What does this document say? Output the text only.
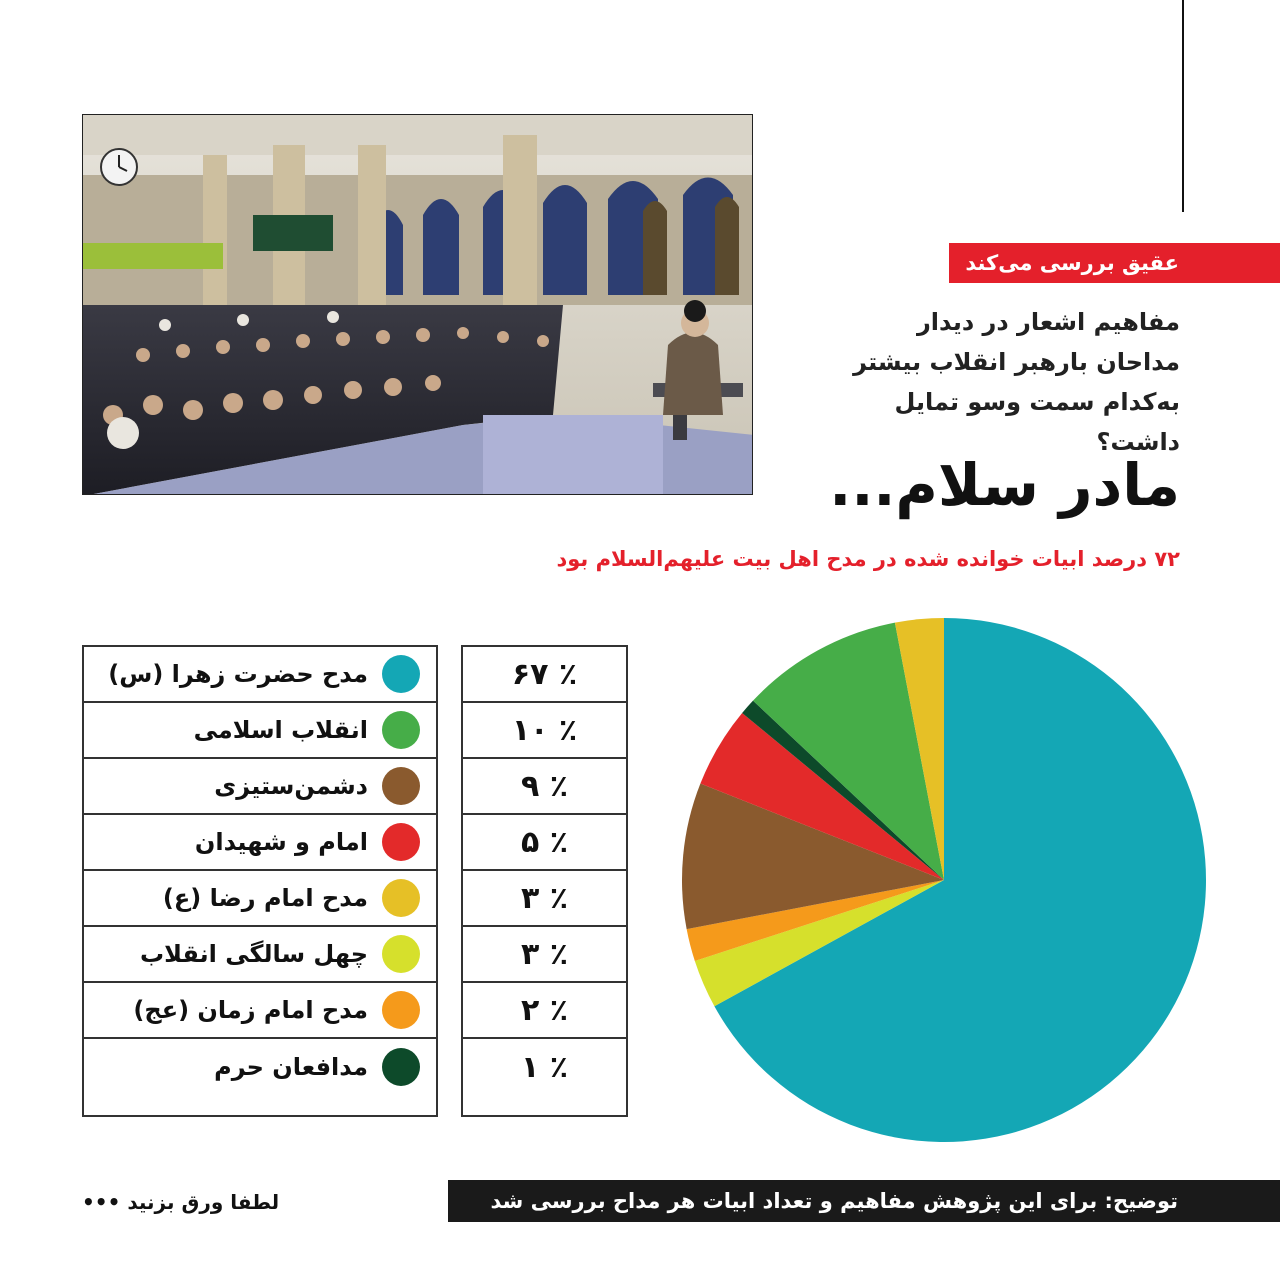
عقیق بررسی می‌کند
مفاهیم اشعار در دیدار مداحان بارهبر انقلاب بیشتر به‌کدام سمت وسو تمایل داشت؟
مادر سلام...
۷۲ درصد ابیات خوانده شده در مدح اهل بیت علیهم‌السلام بود
مدح حضرت زهرا (س)
انقلاب اسلامی
دشمن‌ستیزی
امام و شهیدان
مدح امام رضا (ع)
چهل سالگی انقلاب
مدح امام زمان (عج)
مدافعان حرم
٪ ۶۷
٪ ۱۰
٪ ۹
٪ ۵
٪ ۳
٪ ۳
٪ ۲
٪ ۱
توضیح: برای این پژوهش مفاهیم و تعداد ابیات هر مداح بررسی شد
لطفا ورق بزنید •••
